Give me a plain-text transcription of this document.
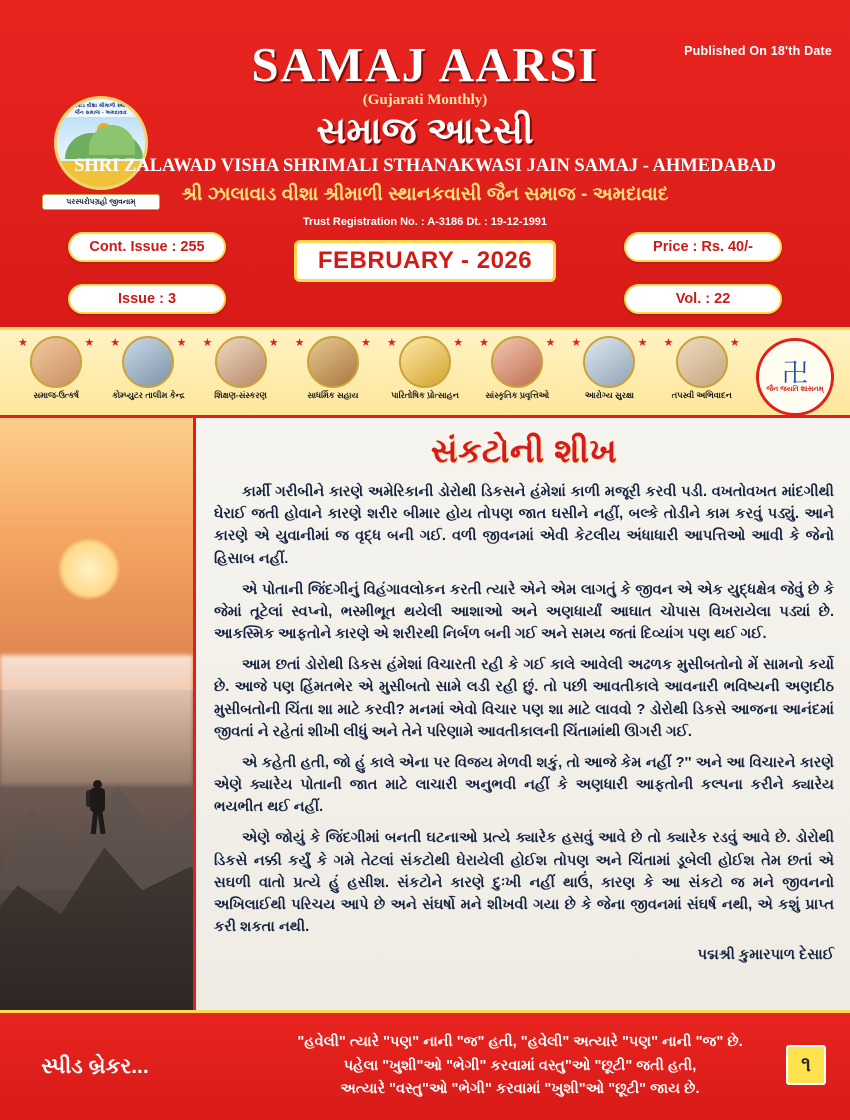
શ્રી ઝાલાવાડ વીશા શ્રીમાળી સ્થાનકવાસી જૈન સમાજ - અમદાવાદ
પરસ્પરોપગ્રહો જીવનામ્
Published On 18'th Date
SAMAJ AARSI
(Gujarati Monthly)
સમાજ આરસી
SHRI ZALAWAD VISHA SHRIMALI STHANAKWASI JAIN SAMAJ - AHMEDABAD
શ્રી ઝાલાવાડ વીશા શ્રીમાળી સ્થાનકવાસી જૈન સમાજ - અમદાવાદ
Trust Registration No. : A-3186 Dt. : 19-12-1991
Cont. Issue : 255
Issue : 3
Price : Rs. 40/-
Vol. : 22
FEBRUARY - 2026
★	★
સમાજ-ઉત્કર્ષ
★	★
કોમ્પ્યુટર તાલીમ કેન્દ્ર
★	★
શિક્ષણ-સંસ્કરણ
★	★
સાધર્મિક સહાય
★	★
પારિતોષિક પ્રોત્સાહન
★	★
સાંસ્કૃતિક પ્રવૃત્તિઓ
★	★
આરોગ્ય સુરક્ષા
★	★
તપસ્વી અભિવાદન
卍
જૈન જયતિ શાસનમ્
સંકટોની શીખ

કાર્મી ગરીબીને કારણે અમેરિકાની ડોરોથી ડિકસને હંમેશાં કાળી મજૂરી કરવી પડી. વખતોવખત માંદગીથી ઘેરાઈ જતી હોવાને કારણે શરીર બીમાર હોય તોપણ જાત ઘસીને નહીં, બલ્કે તોડીને કામ કરવું પડ્યું. આને કારણે એ યુવાનીમાં જ વૃદ્ધ બની ગઈ. વળી જીવનમાં એવી કેટલીય અંધાધારી આપત્તિઓ આવી કે જેનો હિસાબ નહીં.

એ પોતાની જિંદગીનું વિહંગાવલોકન કરતી ત્યારે એને એમ લાગતું કે જીવન એ એક યુદ્ધક્ષેત્ર જેવું છે કે જેમાં તૂટેલાં સ્વપ્નો, ભસ્મીભૂત થયેલી આશાઓ અને અણધાર્યાં આઘાત ચોપાસ વિખરાયેલા પડ્યાં છે. આકસ્મિક આફતોને કારણે એ શરીરથી નિર્બળ બની ગઈ અને સમય જતાં દિવ્યાંગ પણ થઈ ગઈ.

આમ છતાં ડોરોથી ડિકસ હંમેશાં વિચારતી રહી કે ગઈ કાલે આવેલી અઢળક મુસીબતોનો મેં સામનો કર્યો છે. આજે પણ હિંમતભેર એ મુસીબતો સામે લડી રહી છું. તો પછી આવતીકાલે આવનારી ભવિષ્યની અણદીઠ મુસીબતોની ચિંતા શા માટે કરવી? મનમાં એવો વિચાર પણ શા માટે લાવવો ? ડોરોથી ડિકસે આજના આનંદમાં જીવતાં ને રહેતાં શીખી લીધું અને તેને પરિણામે આવતીકાલની ચિંતામાંથી ઊગરી ગઈ.

એ કહેતી હતી, જો હું કાલે એના પર વિજય મેળવી શકું, તો આજે કેમ નહીં ?'' અને આ વિચારને કારણે એણે ક્યારેય પોતાની જાત માટે લાચારી અનુભવી નહીં કે અણધારી આફતોની કલ્પના કરીને ક્યારેય ભયભીત થઈ નહીં.

એણે જોયું કે જિંદગીમાં બનતી ઘટનાઓ પ્રત્યે ક્યારેક હસવું આવે છે તો ક્યારેક રડવું આવે છે. ડોરોથી ડિકસે નક્કી કર્યું કે ગમે તેટલાં સંકટોથી ઘેરાયેલી હોઈશ તોપણ અને ચિંતામાં ડૂબેલી હોઈશ તેમ છતાં એ સઘળી વાતો પ્રત્યે હું હસીશ. સંકટોને કારણે દુઃખી નહીં થાઉં, કારણ કે આ સંકટો જ મને જીવનનો અખિલાઈથી પરિચય આપે છે અને સંઘર્ષો મને શીખવી ગયા છે કે જેના જીવનમાં સંઘર્ષ નથી, એ કશું પ્રાપ્ત કરી શકતા નથી.

પદ્મશ્રી કુમારપાળ દેસાઈ
સ્પીડ બ્રેકર...
"હવેલી" ત્યારે "પણ" નાની "જ" હતી, "હવેલી" અત્યારે "પણ" નાની "જ" છે.
પહેલા "ખુશી"ઓ "ભેગી" કરવામાં વસ્તુ"ઓ "છૂટી" જતી હતી,
અત્યારે "વસ્તુ"ઓ "ભેગી" કરવામાં "ખુશી"ઓ "છૂટી" જાય છે.
૧
